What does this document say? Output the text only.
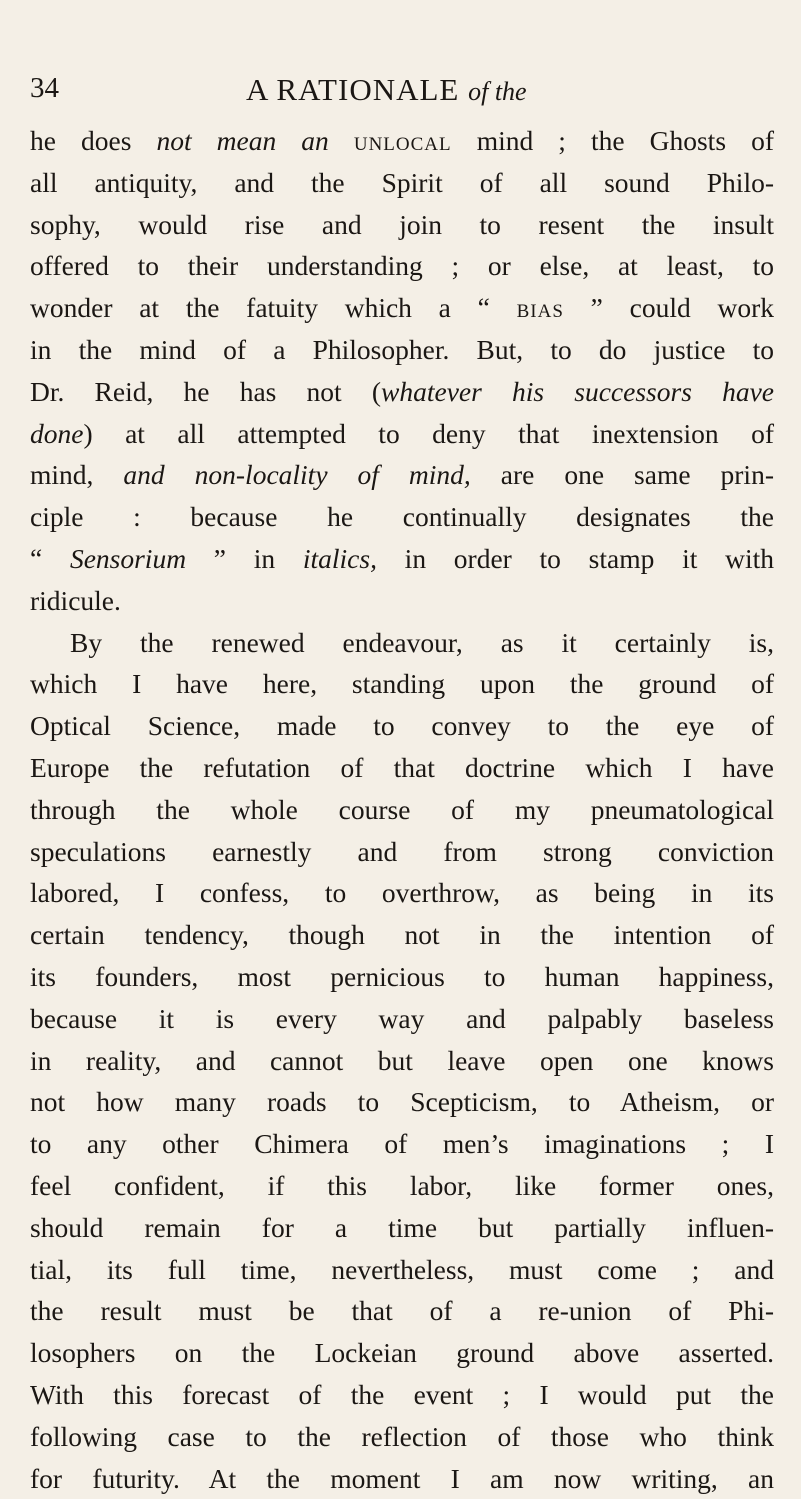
34	A RATIONALE of the

he does not mean an unlocal mind ; the Ghosts of
all antiquity, and the Spirit of all sound Philo-
sophy, would rise and join to resent the insult
offered to their understanding ; or else, at least, to
wonder at the fatuity which a “ bias ” could work
in the mind of a Philosopher. But, to do justice to
Dr. Reid, he has not (whatever his successors have
done) at all attempted to deny that inextension of
mind, and non-locality of mind, are one same prin-
ciple : because he continually designates the
“ Sensorium ” in italics, in order to stamp it with
ridicule.

By the renewed endeavour, as it certainly is,
which I have here, standing upon the ground of
Optical Science, made to convey to the eye of
Europe the refutation of that doctrine which I have
through the whole course of my pneumatological
speculations earnestly and from strong conviction
labored, I confess, to overthrow, as being in its
certain tendency, though not in the intention of
its founders, most pernicious to human happiness,
because it is every way and palpably baseless
in reality, and cannot but leave open one knows
not how many roads to Scepticism, to Atheism, or
to any other Chimera of men’s imaginations ; I
feel confident, if this labor, like former ones,
should remain for a time but partially influen-
tial, its full time, nevertheless, must come ; and
the result must be that of a re-union of Phi-
losophers on the Lockeian ground above asserted.
With this forecast of the event ; I would put the
following case to the reflection of those who think
for futurity. At the moment I am now writing, an
